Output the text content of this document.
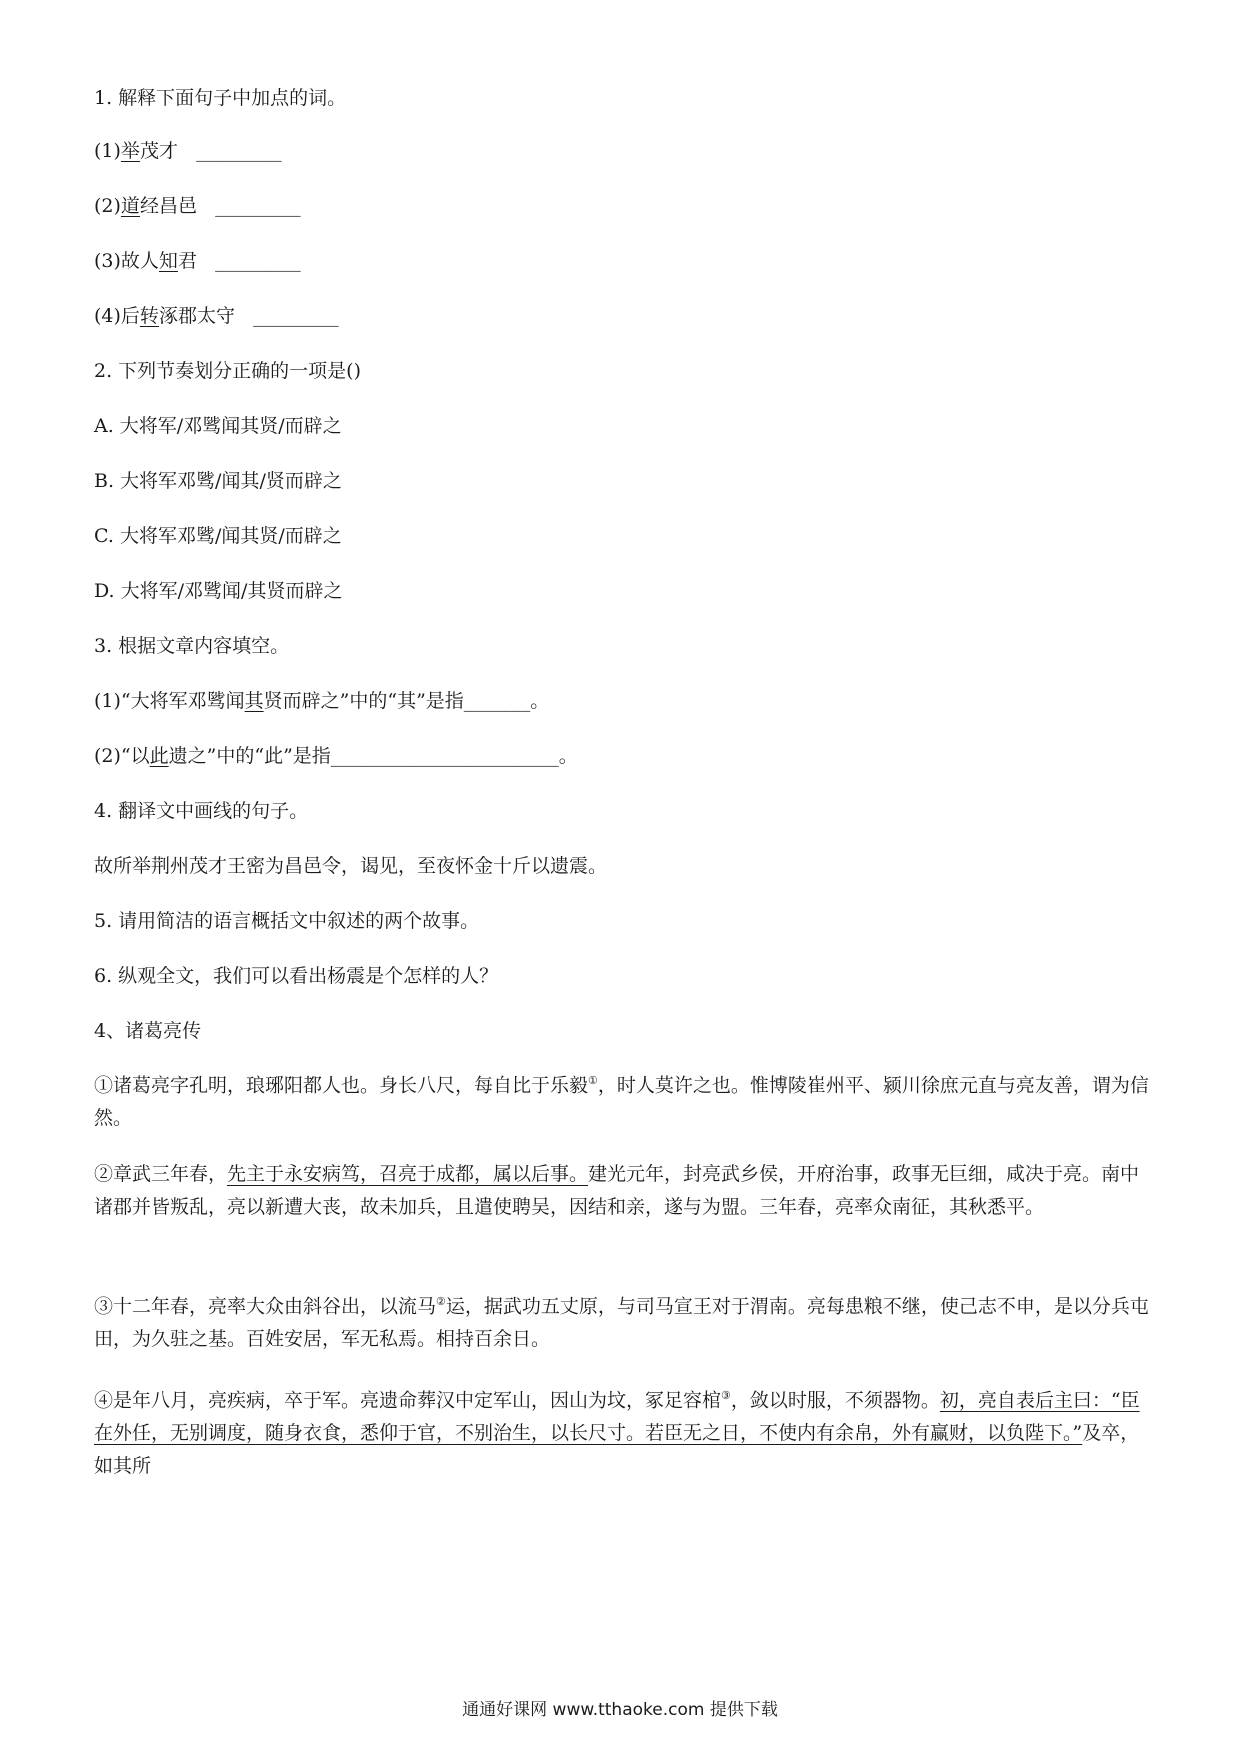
1. 解释下面句子中加点的词。
(1)举茂才 _________
(2)道经昌邑 _________
(3)故人知君 _________
(4)后转涿郡太守 _________
2. 下列节奏划分正确的一项是()
A. 大将军/邓骘闻其贤/而辟之
B. 大将军邓骘/闻其/贤而辟之
C. 大将军邓骘/闻其贤/而辟之
D. 大将军/邓骘闻/其贤而辟之
3. 根据文章内容填空。
(1)“大将军邓骘闻其贤而辟之”中的“其”是指_______。
(2)“以此遗之”中的“此”是指________________________。
4. 翻译文中画线的句子。
故所举荆州茂才王密为昌邑令，谒见，至夜怀金十斤以遗震。
5. 请用简洁的语言概括文中叙述的两个故事。
6. 纵观全文，我们可以看出杨震是个怎样的人？
4、诸葛亮传
①诸葛亮字孔明，琅琊阳都人也。身长八尺，每自比于乐毅①，时人莫许之也。惟博陵崔州平、颍川徐庶元直与亮友善，谓为信然。
②章武三年春，先主于永安病笃，召亮于成都，属以后事。建光元年，封亮武乡侯，开府治事，政事无巨细，咸决于亮。南中诸郡并皆叛乱，亮以新遭大丧，故未加兵，且遣使聘吴，因结和亲，遂与为盟。三年春，亮率众南征，其秋悉平。
③十二年春，亮率大众由斜谷出，以流马②运，据武功五丈原，与司马宣王对于渭南。亮每患粮不继，使己志不申，是以分兵屯田，为久驻之基。百姓安居，军无私焉。相持百余日。
④是年八月，亮疾病，卒于军。亮遗命葬汉中定军山，因山为坟，冢足容棺③，敛以时服，不须器物。初，亮自表后主曰：“臣在外任，无别调度，随身衣食，悉仰于官，不别治生，以长尺寸。若臣无之日，不使内有余帛，外有赢财，以负陛下。”及卒，如其所
通通好课网 www.tthaoke.com 提供下载
